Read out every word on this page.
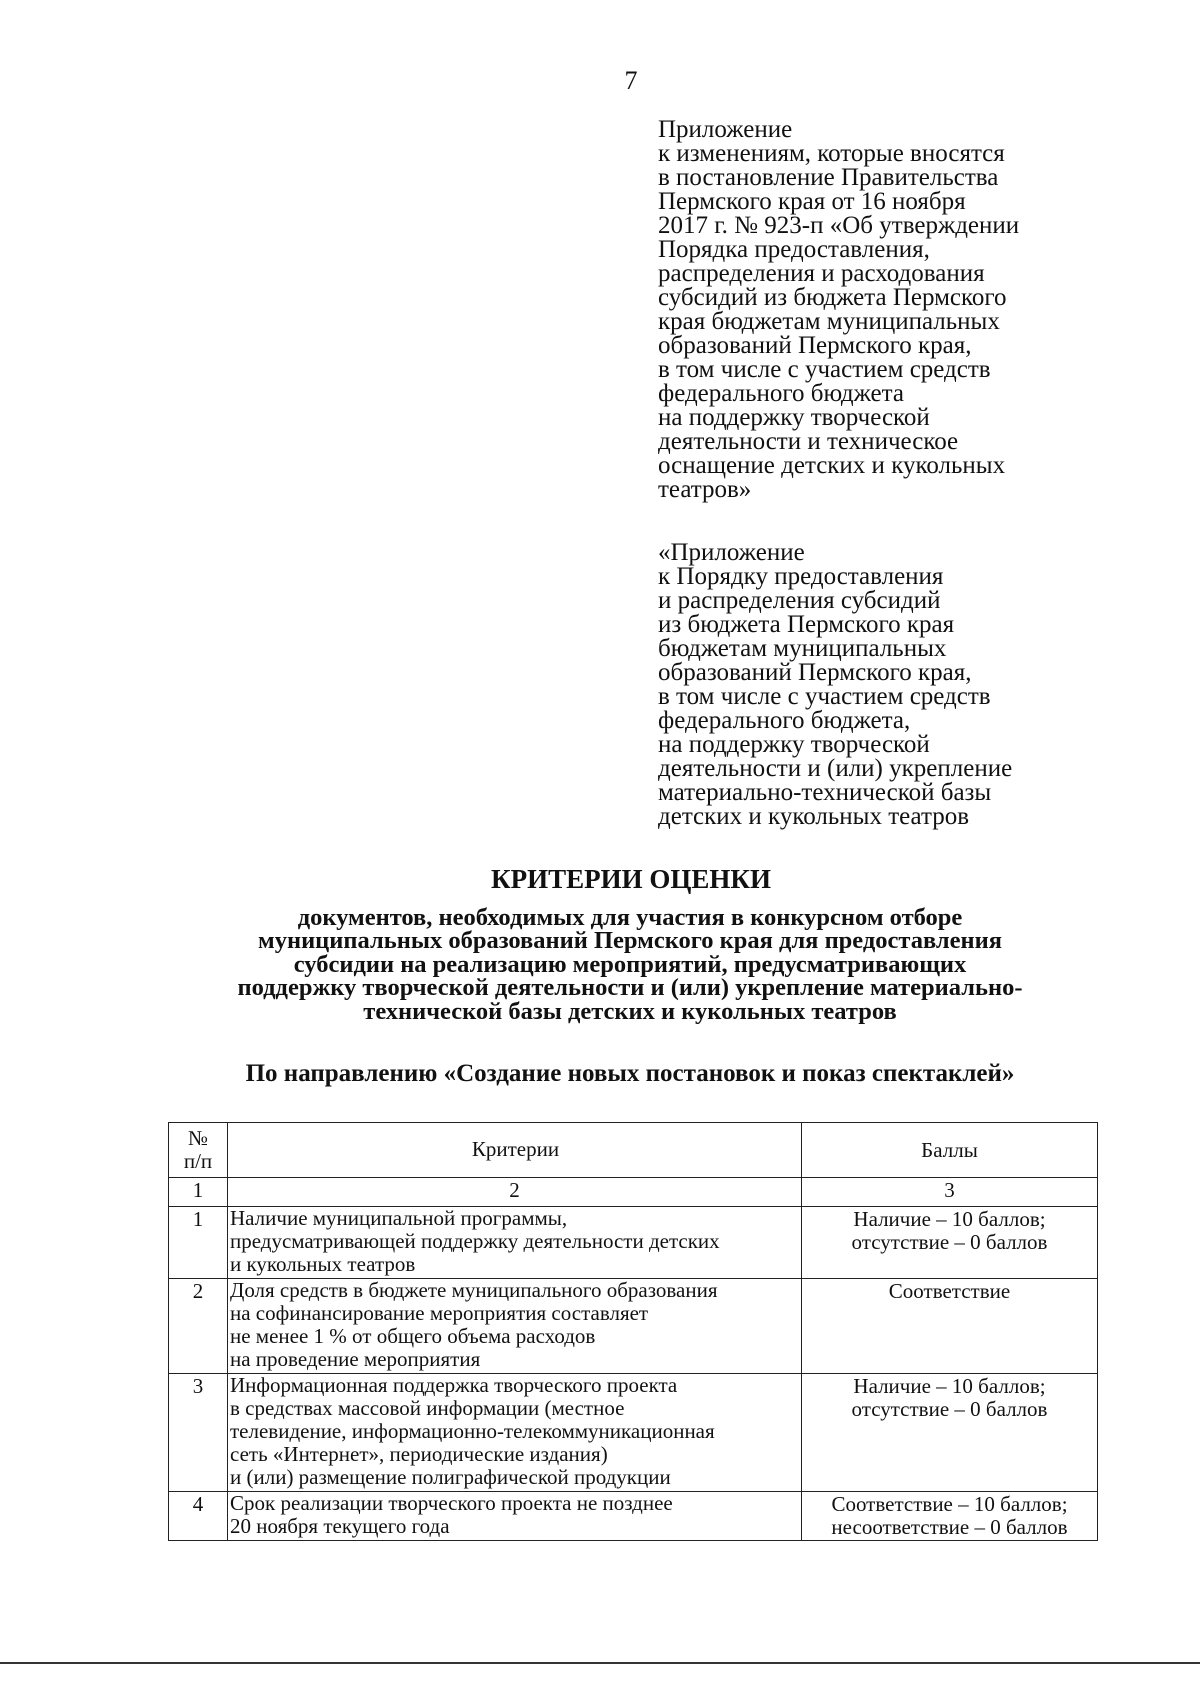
7
Приложение
к изменениям, которые вносятся
в постановление Правительства
Пермского края от 16 ноября
2017 г. № 923-п «Об утверждении
Порядка предоставления,
распределения и расходования
субсидий из бюджета Пермского
края бюджетам муниципальных
образований Пермского края,
в том числе с участием средств
федерального бюджета
на поддержку творческой
деятельности и техническое
оснащение детских и кукольных
театров»
«Приложение
к Порядку предоставления
и распределения субсидий
из бюджета Пермского края
бюджетам муниципальных
образований Пермского края,
в том числе с участием средств
федерального бюджета,
на поддержку творческой
деятельности и (или) укрепление
материально-технической базы
детских и кукольных театров
КРИТЕРИИ ОЦЕНКИ
документов, необходимых для участия в конкурсном отборе
муниципальных образований Пермского края для предоставления
субсидии на реализацию мероприятий, предусматривающих
поддержку творческой деятельности и (или) укрепление материально-
технической базы детских и кукольных театров
По направлению «Создание новых постановок и показ спектаклей»
№
п/п	Критерии	Баллы
1	2	3
1	Наличие муниципальной программы,
предусматривающей поддержку деятельности детских
и кукольных театров	Наличие – 10 баллов;
отсутствие – 0 баллов

2	Доля средств в бюджете муниципального образования
на софинансирование мероприятия составляет
не менее 1 % от общего объема расходов
на проведение мероприятия	Соответствие

3	Информационная поддержка творческого проекта
в средствах массовой информации (местное
телевидение, информационно-телекоммуникационная
сеть «Интернет», периодические издания)
и (или) размещение полиграфической продукции	Наличие – 10 баллов;
отсутствие – 0 баллов

4	Срок реализации творческого проекта не позднее
20 ноября текущего года	Соответствие – 10 баллов;
несоответствие – 0 баллов
